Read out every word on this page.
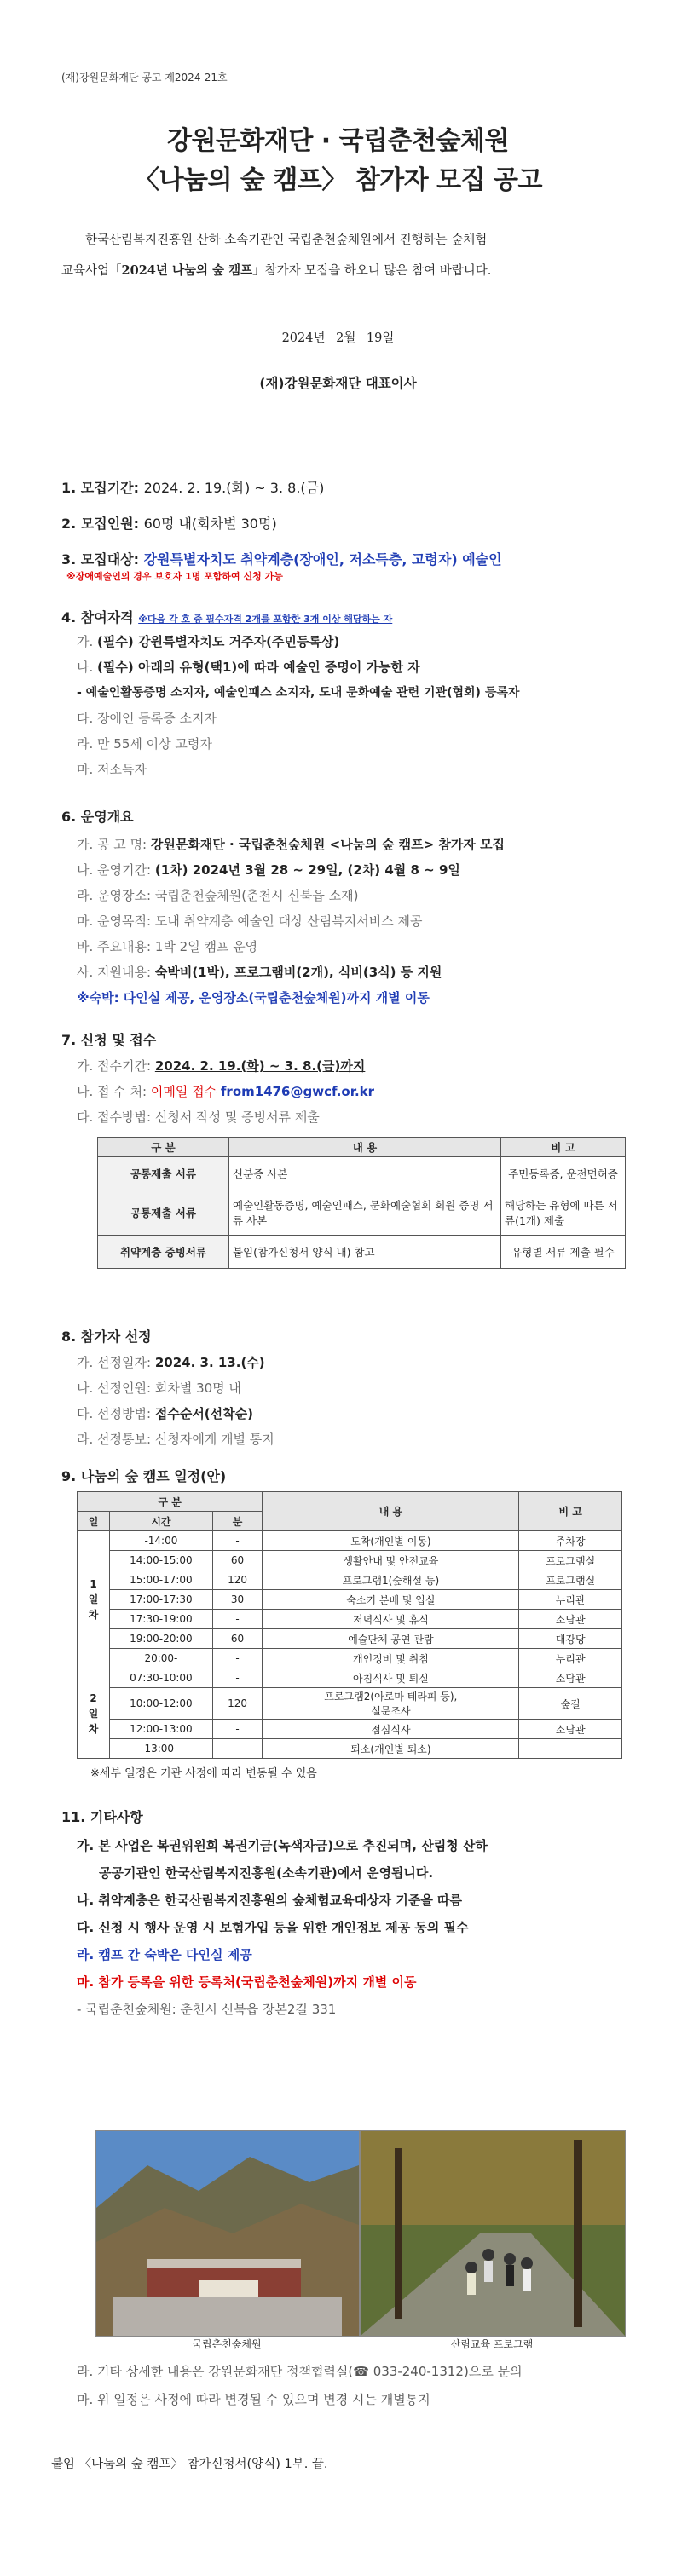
(재)강원문화재단 공고 제2024-21호
강원문화재단 · 국립춘천숲체원
〈나눔의 숲 캠프〉 참가자 모집 공고
한국산림복지진흥원 산하 소속기관인 국립춘천숲체원에서 진행하는 숲체험
교육사업「2024년 나눔의 숲 캠프」참가자 모집을 하오니 많은 참여 바랍니다.
2024년 2월 19일
(재)강원문화재단 대표이사
1. 모집기간: 2024. 2. 19.(화) ~ 3. 8.(금)
2. 모집인원: 60명 내(회차별 30명)
3. 모집대상: 강원특별자치도 취약계층(장애인, 저소득층, 고령자) 예술인
※장애예술인의 경우 보호자 1명 포함하여 신청 가능
4. 참여자격 ※다음 각 호 중 필수자격 2개를 포함한 3개 이상 해당하는 자
가. (필수) 강원특별자치도 거주자(주민등록상)
나. (필수) 아래의 유형(택1)에 따라 예술인 증명이 가능한 자
- 예술인활동증명 소지자, 예술인패스 소지자, 도내 문화예술 관련 기관(협회) 등록자
다. 장애인 등록증 소지자
라. 만 55세 이상 고령자
마. 저소득자
6. 운영개요
가. 공 고 명: 강원문화재단 · 국립춘천숲체원 <나눔의 숲 캠프> 참가자 모집
나. 운영기간: (1차) 2024년 3월 28 ~ 29일, (2차) 4월 8 ~ 9일
라. 운영장소: 국립춘천숲체원(춘천시 신북읍 소재)
마. 운영목적: 도내 취약계층 예술인 대상 산림복지서비스 제공
바. 주요내용: 1박 2일 캠프 운영
사. 지원내용: 숙박비(1박), 프로그램비(2개), 식비(3식) 등 지원
※숙박: 다인실 제공, 운영장소(국립춘천숲체원)까지 개별 이동
7. 신청 및 접수
가. 접수기간: 2024. 2. 19.(화) ~ 3. 8.(금)까지
나. 접 수 처: 이메일 접수 from1476@gwcf.or.kr
다. 접수방법: 신청서 작성 및 증빙서류 제출
구 분	내 용	비 고
공통제출 서류	신분증 사본	주민등록증, 운전면허증
공통제출 서류	예술인활동증명, 예술인패스, 문화예술협회 회원 증명 서류 사본	해당하는 유형에 따른 서류(1개) 제출
취약계층 증빙서류	붙임(참가신청서 양식 내) 참고	유형별 서류 제출 필수
8. 참가자 선정
가. 선정일자: 2024. 3. 13.(수)
나. 선정인원: 회차별 30명 내
다. 선정방법: 접수순서(선착순)
라. 선정통보: 신청자에게 개별 통지
9. 나눔의 숲 캠프 일정(안)
구 분			내 용	비 고
일	시간	분		
1
일
차	-14:00	-	도착(개인별 이동)	주차장
	14:00-15:00	60	생활안내 및 안전교육	프로그램실
	15:00-17:00	120	프로그램1(숲해설 등)	프로그램실
	17:00-17:30	30	숙소키 분배 및 입실	누리관
	17:30-19:00	-	저녁식사 및 휴식	소담관
	19:00-20:00	60	예술단체 공연 관람	대강당
	20:00-	-	개인정비 및 취침	누리관
2
일
차	07:30-10:00	-	아침식사 및 퇴실	소담관
	10:00-12:00	120	프로그램2(아로마 테라피 등),
설문조사	숲길
	12:00-13:00	-	점심식사	소담관
	13:00-	-	퇴소(개인별 퇴소)	-
※세부 일정은 기관 사정에 따라 변동될 수 있음
11. 기타사항
가. 본 사업은 복권위원회 복권기금(녹색자금)으로 추진되며, 산림청 산하
공공기관인 한국산림복지진흥원(소속기관)에서 운영됩니다.
나. 취약계층은 한국산림복지진흥원의 숲체험교육대상자 기준을 따름
다. 신청 시 행사 운영 시 보험가입 등을 위한 개인정보 제공 동의 필수
라. 캠프 간 숙박은 다인실 제공
마. 참가 등록을 위한 등록처(국립춘천숲체원)까지 개별 이동
- 국립춘천숲체원: 춘천시 신북읍 장본2길 331
국립춘천숲체원	산림교육 프로그램
라. 기타 상세한 내용은 강원문화재단 정책협력실(☎ 033-240-1312)으로 문의
마. 위 일정은 사정에 따라 변경될 수 있으며 변경 시는 개별통지
붙임 〈나눔의 숲 캠프〉 참가신청서(양식) 1부. 끝.
